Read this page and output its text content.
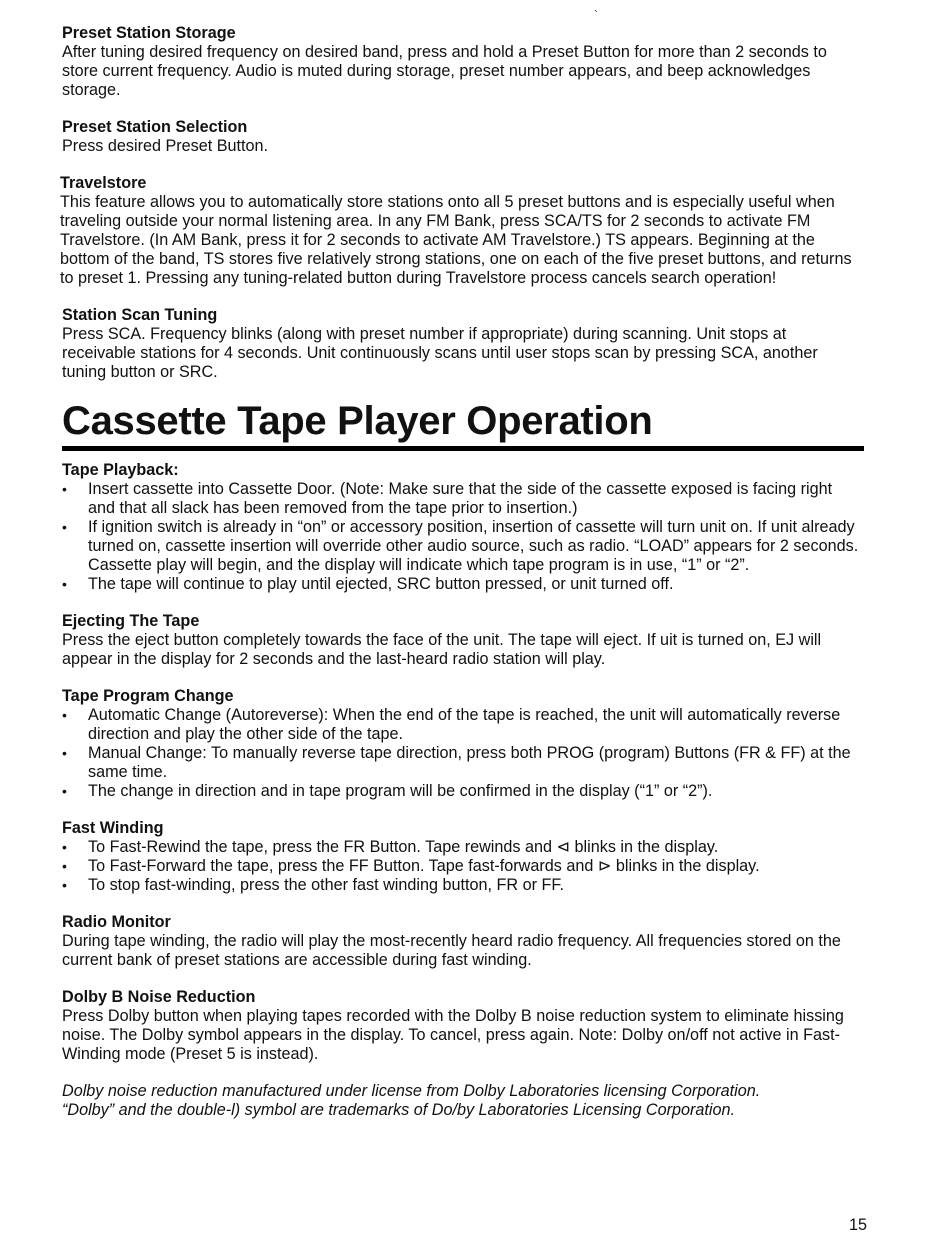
`

Preset Station Storage

After tuning desired frequency on desired band, press and hold a Preset Button for more than 2 seconds to store current frequency. Audio is muted during storage, preset number appears, and beep acknowledges storage.

Preset Station Selection

Press desired Preset Button.

Travelstore

This feature allows you to automatically store stations onto all 5 preset buttons and is especially useful when traveling outside your normal listening area. In any FM Bank, press SCA/TS for 2 seconds to activate FM Travelstore. (In AM Bank, press it for 2 seconds to activate AM Travelstore.) TS appears. Beginning at the bottom of the band, TS stores five relatively strong stations, one on each of the five preset buttons, and returns to preset 1. Pressing any tuning-related button during Travelstore process cancels search operation!

Station Scan Tuning

Press SCA. Frequency blinks (along with preset number if appropriate) during scanning. Unit stops at receivable stations for 4 seconds. Unit continuously scans until user stops scan by pressing SCA, another tuning button or SRC.

Cassette Tape Player Operation

Tape Playback:

• Insert cassette into Cassette Door. (Note: Make sure that the side of the cassette exposed is facing right and that all slack has been removed from the tape prior to insertion.)
• If ignition switch is already in “on” or accessory position, insertion of cassette will turn unit on. If unit already turned on, cassette insertion will override other audio source, such as radio. “LOAD” appears for 2 seconds. Cassette play will begin, and the display will indicate which tape program is in use, “1” or “2”.
• The tape will continue to play until ejected, SRC button pressed, or unit turned off.

Ejecting The Tape

Press the eject button completely towards the face of the unit. The tape will eject. If uit is turned on, EJ will appear in the display for 2 seconds and the last-heard radio station will play.

Tape Program Change

• Automatic Change (Autoreverse): When the end of the tape is reached, the unit will automatically reverse direction and play the other side of the tape.
• Manual Change: To manually reverse tape direction, press both PROG (program) Buttons (FR & FF) at the same time.
• The change in direction and in tape program will be confirmed in the display (“1” or “2”).

Fast Winding

• To Fast-Rewind the tape, press the FR Button. Tape rewinds and ⊲ blinks in the display.
• To Fast-Forward the tape, press the FF Button. Tape fast-forwards and ⊳ blinks in the display.
• To stop fast-winding, press the other fast winding button, FR or FF.

Radio Monitor

During tape winding, the radio will play the most-recently heard radio frequency. All frequencies stored on the current bank of preset stations are accessible during fast winding.

Dolby B Noise Reduction

Press Dolby button when playing tapes recorded with the Dolby B noise reduction system to eliminate hissing noise. The Dolby symbol appears in the display. To cancel, press again. Note: Dolby on/off not active in Fast-Winding mode (Preset 5 is instead).

Dolby noise reduction manufactured under license from Dolby Laboratories licensing Corporation.

“Dolby” and the double-l) symbol are trademarks of Do/by Laboratories Licensing Corporation.

15
